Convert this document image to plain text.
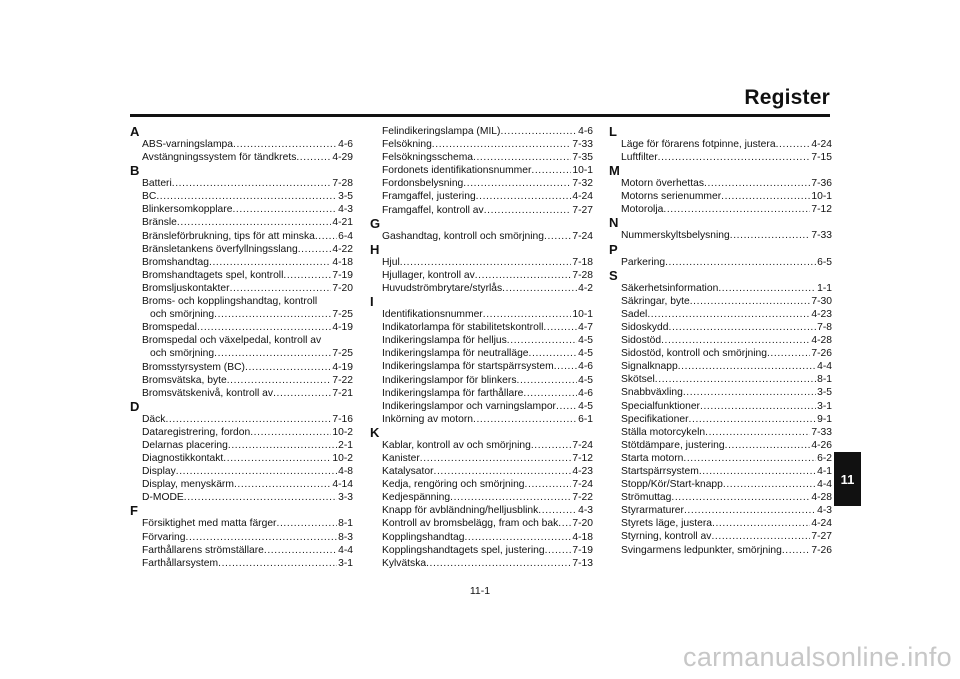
Register
A
ABS-varningslampa .....	4-6
Avstängningssystem för tändkrets .....	4-29
B
Batteri .....	7-28
BC .....	3-5
Blinkersomkopplare .....	4-3
Bränsle .....	4-21
Bränsleförbrukning, tips för att minska ..... 6-4
Bränsletankens överfyllningsslang .....	4-22
Bromshandtag .....	4-18
Bromshandtagets spel, kontroll .....	7-19
Bromsljuskontakter .....	7-20
Broms- och kopplingshandtag, kontroll
och smörjning .....	7-25
Bromspedal .....	4-19
Bromspedal och växelpedal, kontroll av
och smörjning .....	7-25
Bromsstyrsystem (BC) .....	4-19
Bromsvätska, byte .....	7-22
Bromsvätskenivå, kontroll av .....	7-21
D
Däck .....	7-16
Dataregistrering, fordon .....	10-2
Delarnas placering .....	2-1
Diagnostikkontakt .....	10-2
Display .....	4-8
Display, menyskärm .....	4-14
D-MODE .....	3-3
F
Försiktighet med matta färger .....	8-1
Förvaring .....	8-3
Farthållarens strömställare .....	4-4
Farthållarsystem .....	3-1
Felindikeringslampa (MIL) .....	4-6
Felsökning .....	7-33
Felsökningsschema .....	7-35
Fordonets identifikationsnummer .....	10-1
Fordonsbelysning .....	7-32
Framgaffel, justering .....	4-24
Framgaffel, kontroll av .....	7-27
G
Gashandtag, kontroll och smörjning .....	7-24
H
Hjul .....	7-18
Hjullager, kontroll av .....	7-28
Huvudströmbrytare/styrlås .....	4-2
I
Identifikationsnummer .....	10-1
Indikatorlampa för stabilitetskontroll .....	4-7
Indikeringslampa för helljus .....	4-5
Indikeringslampa för neutralläge .....	4-5
Indikeringslampa för startspärrsystem ..... 4-6
Indikeringslampor för blinkers .....	4-5
Indikeringslampa för farthållare .....	4-6
Indikeringslampor och varningslampor ..... 4-5
Inkörning av motorn .....	6-1
K
Kablar, kontroll av och smörjning .....	7-24
Kanister .....	7-12
Katalysator .....	4-23
Kedja, rengöring och smörjning .....	7-24
Kedjespänning .....	7-22
Knapp för avbländning/helljusblink .....	4-3
Kontroll av bromsbelägg, fram och bak ..... 7-20
Kopplingshandtag .....	4-18
Kopplingshandtagets spel, justering .....	7-19
Kylvätska .....	7-13
L
Läge för förarens fotpinne, justera .....	4-24
Luftfilter .....	7-15
M
Motorn överhettas .....	7-36
Motorns serienummer .....	10-1
Motorolja .....	7-12
N
Nummerskyltsbelysning .....	7-33
P
Parkering .....	6-5
S
Säkerhetsinformation .....	1-1
Säkringar, byte .....	7-30
Sadel .....	4-23
Sidoskydd .....	7-8
Sidostöd .....	4-28
Sidostöd, kontroll och smörjning .....	7-26
Signalknapp .....	4-4
Skötsel .....	8-1
Snabbväxling .....	3-5
Specialfunktioner .....	3-1
Specifikationer .....	9-1
Ställa motorcykeln .....	7-33
Stötdämpare, justering .....	4-26
Starta motorn .....	6-2
Startspärrsystem .....	4-1
Stopp/Kör/Start-knapp .....	4-4
Strömuttag .....	4-28
Styrarmaturer .....	4-3
Styrets läge, justera .....	4-24
Styrning, kontroll av .....	7-27
Svingarmens ledpunkter, smörjning .....	7-26
11
11-1
carmanualsonline.info
